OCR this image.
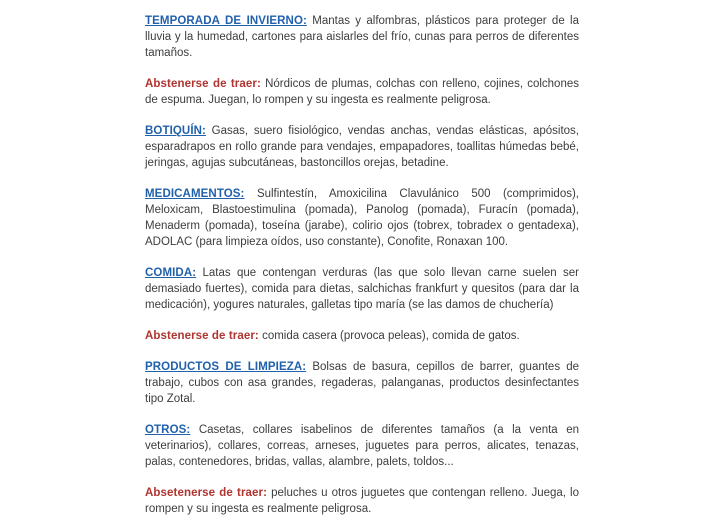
TEMPORADA DE INVIERNO: Mantas y alfombras, plásticos para proteger de la lluvia y la humedad, cartones para aislarles del frío, cunas para perros de diferentes tamaños.

Abstenerse de traer: Nórdicos de plumas, colchas con relleno, cojines, colchones de espuma. Juegan, lo rompen y su ingesta es realmente peligrosa.

BOTIQUÍN: Gasas, suero fisiológico, vendas anchas, vendas elásticas, apósitos, esparadrapos en rollo grande para vendajes, empapadores, toallitas húmedas bebé, jeringas, agujas subcutáneas, bastoncillos orejas, betadine.

MEDICAMENTOS: Sulfintestín, Amoxicilina Clavulánico 500 (comprimidos), Meloxicam, Blastoestimulina (pomada), Panolog (pomada), Furacín (pomada), Menaderm (pomada), toseína (jarabe), colirio ojos (tobrex, tobradex o gentadexa), ADOLAC (para limpieza oídos, uso constante), Conofite, Ronaxan 100.

COMIDA: Latas que contengan verduras (las que solo llevan carne suelen ser demasiado fuertes), comida para dietas, salchichas frankfurt y quesitos (para dar la medicación), yogures naturales, galletas tipo maría (se las damos de chuchería)

Abstenerse de traer: comida casera (provoca peleas), comida de gatos.

PRODUCTOS DE LIMPIEZA: Bolsas de basura, cepillos de barrer, guantes de trabajo, cubos con asa grandes, regaderas, palanganas, productos desinfectantes tipo Zotal.

OTROS: Casetas, collares isabelinos de diferentes tamaños (a la venta en veterinarios), collares, correas, arneses, juguetes para perros, alicates, tenazas, palas, contenedores, bridas, vallas, alambre, palets, toldos...

Absetenerse de traer: peluches u otros juguetes que contengan relleno. Juega, lo rompen y su ingesta es realmente peligrosa.
